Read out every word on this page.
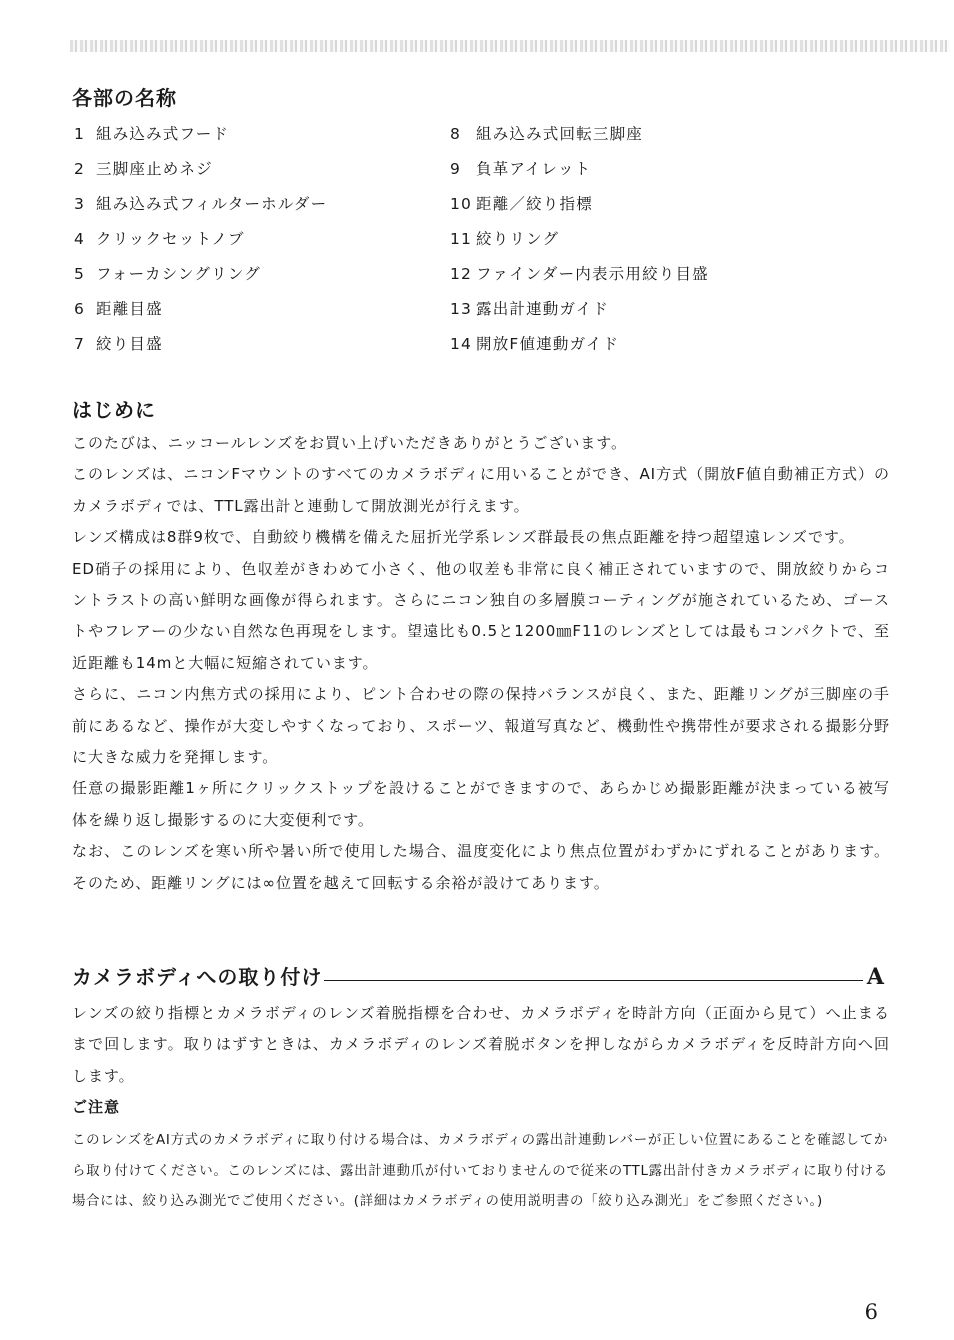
各部の名称
1 組み込み式フード
2 三脚座止めネジ
3 組み込み式フィルターホルダー
4 クリックセットノブ
5 フォーカシングリング
6 距離目盛
7 絞り目盛
8 組み込み式回転三脚座
9 負革アイレット
10 距離／絞り指標
11 絞りリング
12 ファインダー内表示用絞り目盛
13 露出計連動ガイド
14 開放F値連動ガイド
はじめに

このたびは、ニッコールレンズをお買い上げいただきありがとうございます。

このレンズは、ニコンFマウントのすべてのカメラボディに用いることができ、AI方式（開放F値自動補正方式）のカメラボディでは、TTL露出計と連動して開放測光が行えます。

レンズ構成は8群9枚で、自動絞り機構を備えた屈折光学系レンズ群最長の焦点距離を持つ超望遠レンズです。

ED硝子の採用により、色収差がきわめて小さく、他の収差も非常に良く補正されていますので、開放絞りからコントラストの高い鮮明な画像が得られます。さらにニコン独自の多層膜コーティングが施されているため、ゴーストやフレアーの少ない自然な色再現をします。望遠比も0.5と1200㎜F11のレンズとしては最もコンパクトで、至近距離も14mと大幅に短縮されています。

さらに、ニコン内焦方式の採用により、ピント合わせの際の保持バランスが良く、また、距離リングが三脚座の手前にあるなど、操作が大変しやすくなっており、スポーツ、報道写真など、機動性や携帯性が要求される撮影分野に大きな威力を発揮します。

任意の撮影距離1ヶ所にクリックストップを設けることができますので、あらかじめ撮影距離が決まっている被写体を繰り返し撮影するのに大変便利です。

なお、このレンズを寒い所や暑い所で使用した場合、温度変化により焦点位置がわずかにずれることがあります。そのため、距離リングには∞位置を越えて回転する余裕が設けてあります。

カメラボディへの取り付け	A

レンズの絞り指標とカメラボディのレンズ着脱指標を合わせ、カメラボディを時計方向（正面から見て）へ止まるまで回します。取りはずすときは、カメラボディのレンズ着脱ボタンを押しながらカメラボディを反時計方向へ回します。

ご注意

このレンズをAI方式のカメラボディに取り付ける場合は、カメラボディの露出計連動レバーが正しい位置にあることを確認してから取り付けてください。このレンズには、露出計連動爪が付いておりませんので従来のTTL露出計付きカメラボディに取り付ける場合には、絞り込み測光でご使用ください。(詳細はカメラボディの使用説明書の「絞り込み測光」をご参照ください。)

6
